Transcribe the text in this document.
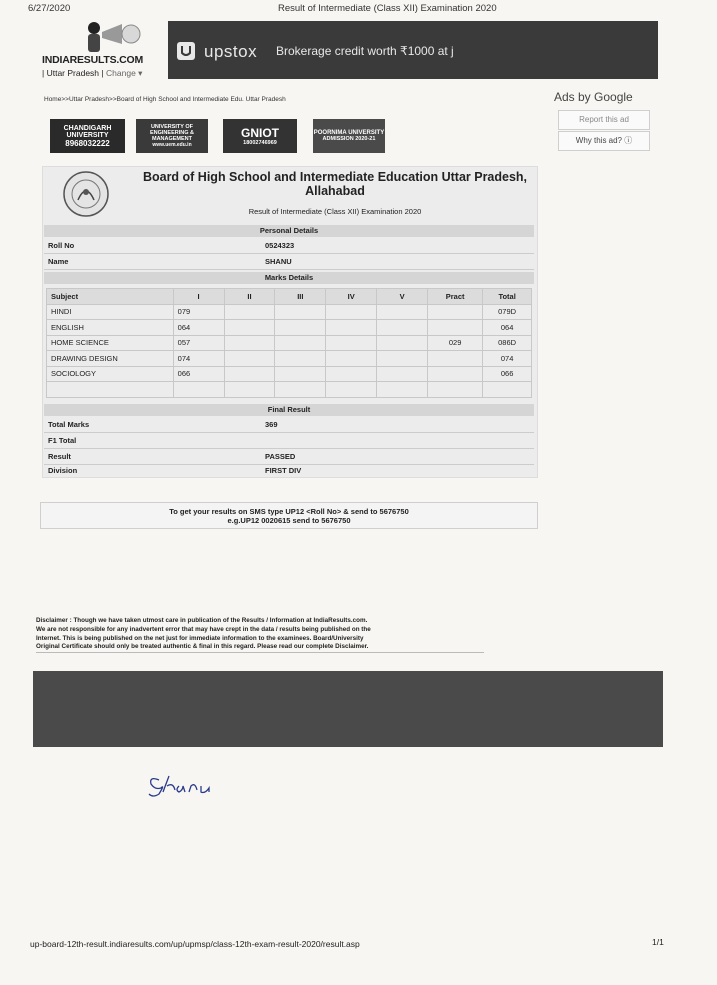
6/27/2020	Result of Intermediate (Class XII) Examination 2020
INDIARESULTS.COM
| Uttar Pradesh | Change ▾
upstox Brokerage credit worth ₹1000 at j
Home>>Uttar Pradesh>>Board of High School and Intermediate Edu. Uttar Pradesh	Ads by Google
Report this ad
Why this ad? ⓘ
CHANDIGARH UNIVERSITY
8968032222
UNIVERSITY OF ENGINEERING & MANAGEMENT
www.uem.edu.in
GNIOT
18002746969
POORNIMA UNIVERSITY
ADMISSION 2020-21
Board of High School and Intermediate Education Uttar Pradesh,
Allahabad
Result of Intermediate (Class XII) Examination 2020
Personal Details
Roll No	0524323
Name	SHANU
Marks Details
Subject	I	II	III	IV	V	Pract	Total
HINDI	079						079D
ENGLISH	064						064
HOME SCIENCE	057					029	086D
DRAWING DESIGN	074						074
SOCIOLOGY	066						066

Final Result
Total Marks	369
F1 Total
Result	PASSED
Division	FIRST DIV
To get your results on SMS type UP12 <Roll No> & send to 5676750
e.g.UP12 0020615 send to 5676750
Disclaimer : Though we have taken utmost care in publication of the Results / Information at IndiaResults.com.
We are not responsible for any inadvertent error that may have crept in the data / results being published on the
Internet. This is being published on the net just for immediate information to the examinees. Board/University
Original Certificate should only be treated authentic & final in this regard. Please read our complete Disclaimer.
up-board-12th-result.indiaresults.com/up/upmsp/class-12th-exam-result-2020/result.asp	1/1
